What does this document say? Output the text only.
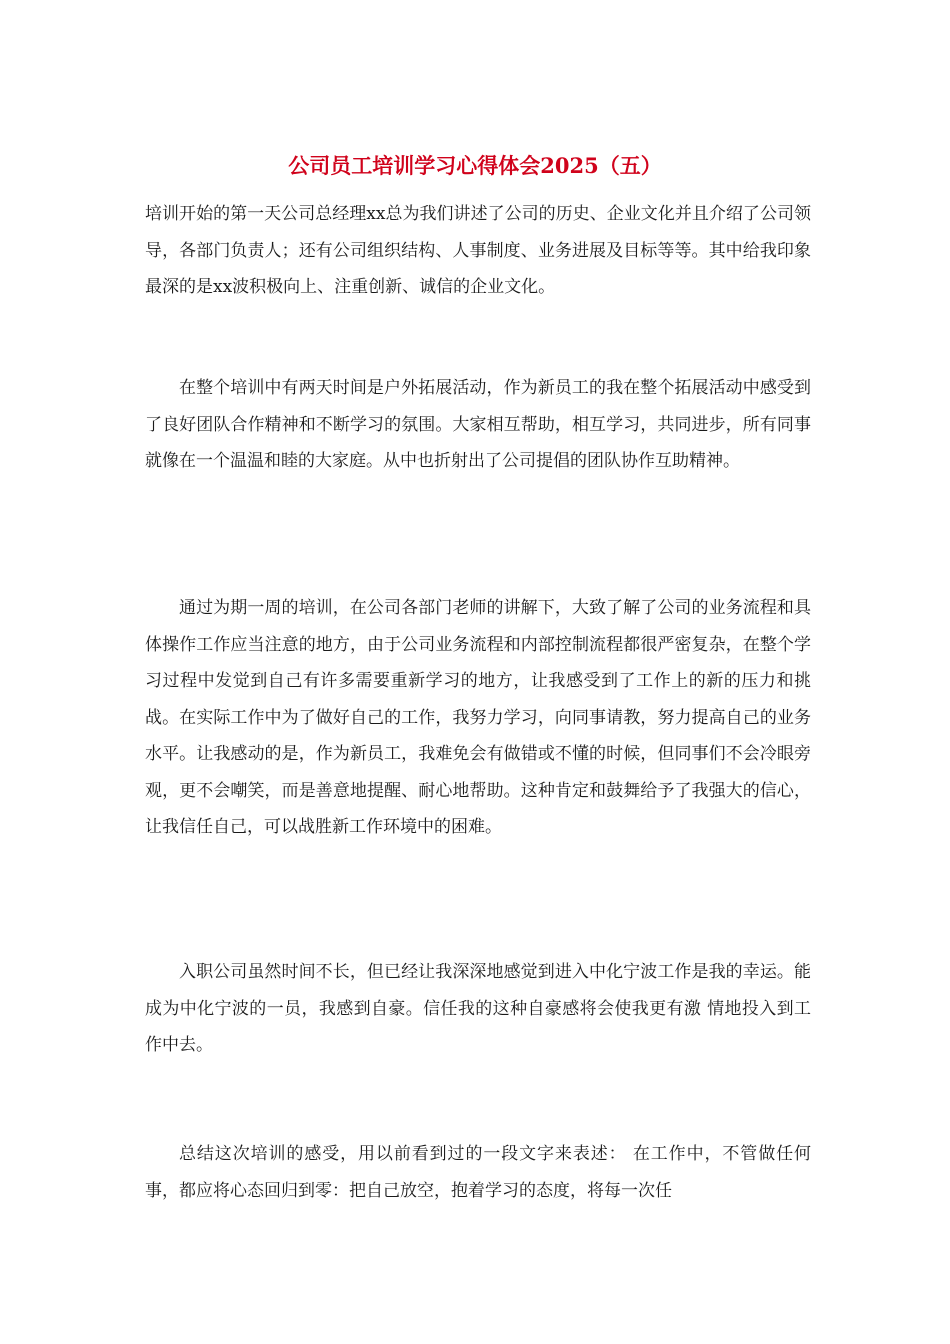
公司员工培训学习心得体会2025（五）

培训开始的第一天公司总经理xx总为我们讲述了公司的历史、企业文化并且介绍了公司领导，各部门负责人；还有公司组织结构、人事制度、业务进展及目标等等。其中给我印象最深的是xx波积极向上、注重创新、诚信的企业文化。

在整个培训中有两天时间是户外拓展活动，作为新员工的我在整个拓展活动中感受到了良好团队合作精神和不断学习的氛围。大家相互帮助，相互学习，共同进步，所有同事就像在一个温温和睦的大家庭。从中也折射出了公司提倡的团队协作互助精神。

通过为期一周的培训，在公司各部门老师的讲解下，大致了解了公司的业务流程和具体操作工作应当注意的地方，由于公司业务流程和内部控制流程都很严密复杂，在整个学习过程中发觉到自己有许多需要重新学习的地方，让我感受到了工作上的新的压力和挑战。在实际工作中为了做好自己的工作，我努力学习，向同事请教，努力提高自己的业务水平。让我感动的是，作为新员工，我难免会有做错或不懂的时候，但同事们不会冷眼旁观，更不会嘲笑，而是善意地提醒、耐心地帮助。这种肯定和鼓舞给予了我强大的信心，让我信任自己，可以战胜新工作环境中的困难。

入职公司虽然时间不长，但已经让我深深地感觉到进入中化宁波工作是我的幸运。能成为中化宁波的一员，我感到自豪。信任我的这种自豪感将会使我更有激 情地投入到工作中去。

总结这次培训的感受，用以前看到过的一段文字来表述： 在工作中，不管做任何事，都应将心态回归到零：把自己放空，抱着学习的态度，将每一次任
